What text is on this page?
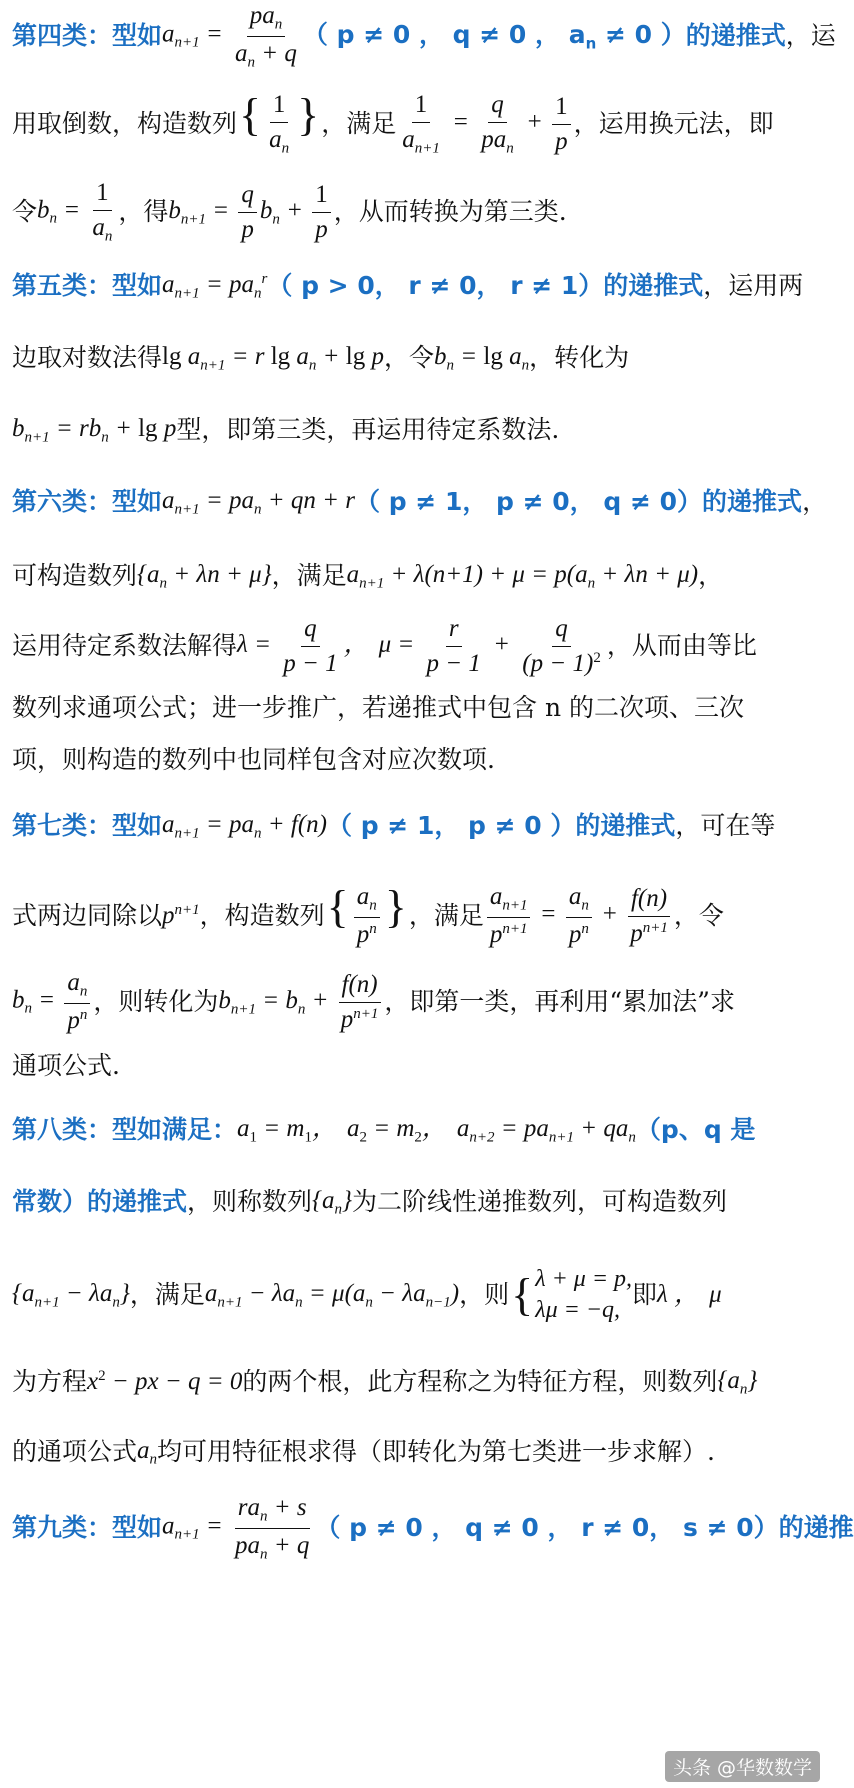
第四类：型如 $a_{n+1} = \frac{pa_n}{a_n + q}$ （ p ≠ 0 ， q ≠ 0 ， $a_n \ne 0$ ） 的递推式 ，运
用取倒数，构造数列 { $\frac{1}{a_n}$ } ，满足 $\frac{1}{a_{n+1}} = \frac{q}{pa_n} + \frac{1}{p}$ ，运用换元法，即
令 $b_n = \frac{1}{a_n}$ ，得 $b_{n+1} = \frac{q}{p} b_n + \frac{1}{p}$ ，从而转换为第三类.
第五类：型如 $a_{n+1} = pa_n^r$ （ p > 0， r ≠ 0， r ≠ 1） 的递推式 ，运用两
边取对数法得 $\lg a_{n+1} = r$ $\lg a_n + \lg p$ ，令 $b_n = \lg a_n$ ，转化为
$b_{n+1} = rb_n + \lg p$ 型，即第三类，再运用待定系数法.
第六类：型如 $a_{n+1} = pa_n$ + qn + r （ p ≠ 1， p ≠ 0， q ≠ 0） 的递推式 ，
可构造数列 $\{a_n + \lambda n + \mu\}$ ，满足 $a_{n+1} + \lambda(n+1) + \mu = p(a_n + \lambda n + \mu)$ ，
运用待定系数法解得 $\lambda = \frac{q}{p - 1}$ ， $\mu = \frac{r}{p - 1} + \frac{q}{(p - 1)^2}$ ，从而由等比
数列求通项公式；进一步推广，若递推式中包含 n 的二次项、三次
项，则构造的数列中也同样包含对应次数项.
第七类：型如 $a_{n+1} = pa_n + f(n)$ （ p ≠ 1， p ≠ 0 ） 的递推式 ，可在等
式两边同除以 $p^{n+1}$ ，构造数列 { $\frac{a_n}{p^n}$ } ，满足 $\frac{a_{n+1}}{p^{n+1}} = \frac{a_n}{p^n} + \frac{f(n)}{p^{n+1}}$ ，令
$b_n = \frac{a_n}{p^n}$ ，则转化为 $b_{n+1} = b_n + \frac{f(n)}{p^{n+1}}$ ，即第一类，再利用“累加法”求
通项公式.
第八类：型如满足： $a_1 = m_1$， $a_2 = m_2$， $a_{n+2} = pa_{n+1} + qa_n$ （p、q 是
常数）的递推式 ，则称数列 $\{a_n\}$ 为二阶线性递推数列，可构造数列
$\{a_{n+1} - \lambda a_n\}$ ，满足 $a_{n+1} - \lambda a_n = \mu(a_n - \lambda a_{n-1})$ ，则 { λ + μ = p,
λμ = −q,
即 λ ， μ
为方程 $x^2$ − px − q = 0 的两个根，此方程称之为特征方程，则数列 $\{a_n\}$
的通项公式 $a_n$ 均可用特征根求得（即转化为第七类进一步求解）.
第九类：型如 $a_{n+1} = \frac{ra_n + s}{pa_n + q}$ （ p ≠ 0 ， q ≠ 0 ， r ≠ 0， s ≠ 0） 的递推
头条 @华数数学
